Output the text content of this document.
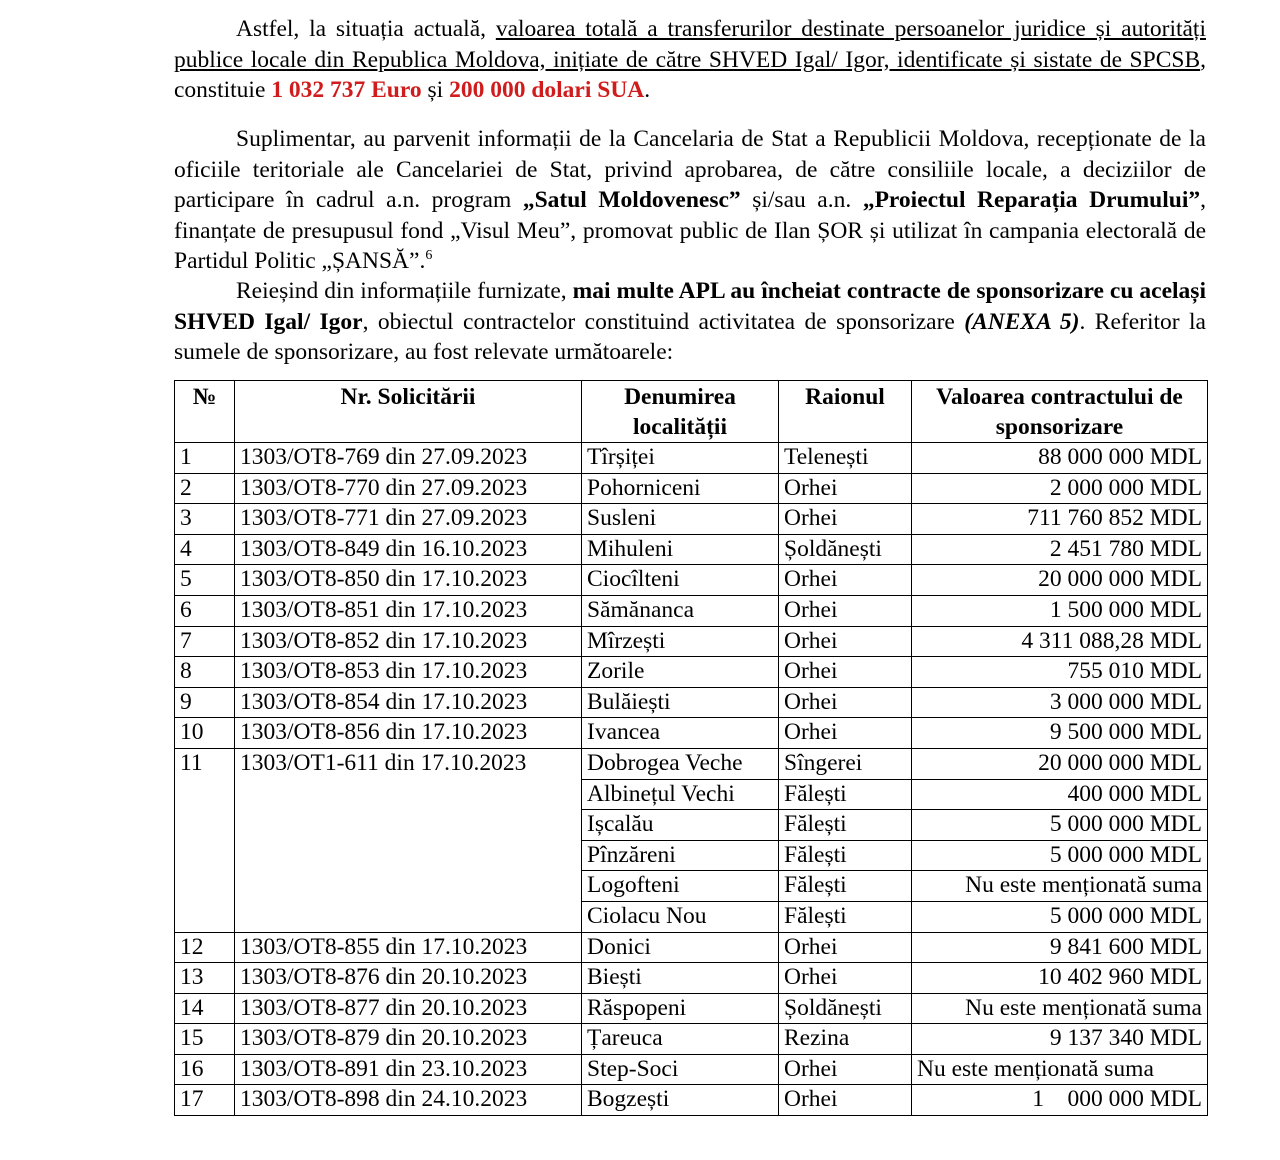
Astfel, la situația actuală, valoarea totală a transferurilor destinate persoanelor juridice și autorități publice locale din Republica Moldova, inițiate de către SHVED Igal/ Igor, identificate și sistate de SPCSB, constituie 1 032 737 Euro și 200 000 dolari SUA.
Suplimentar, au parvenit informații de la Cancelaria de Stat a Republicii Moldova, recepționate de la oficiile teritoriale ale Cancelariei de Stat, privind aprobarea, de către consiliile locale, a deciziilor de participare în cadrul a.n. program „Satul Moldovenesc” și/sau a.n. „Proiectul Reparația Drumului”, finanțate de presupusul fond „Visul Meu”, promovat public de Ilan ȘOR și utilizat în campania electorală de Partidul Politic „ȘANSĂ”.$^6$
Reieșind din informațiile furnizate, mai multe APL au încheiat contracte de sponsorizare cu același SHVED Igal/ Igor, obiectul contractelor constituind activitatea de sponsorizare (ANEXA 5). Referitor la sumele de sponsorizare, au fost relevate următoarele:
№	Nr. Solicitării	Denumirea localității	Raionul	Valoarea contractului de sponsorizare
1	1303/OT8-769 din 27.09.2023	Tîrșiței	Telenești	88 000 000 MDL
2	1303/OT8-770 din 27.09.2023	Pohorniceni	Orhei	2 000 000 MDL
3	1303/OT8-771 din 27.09.2023	Susleni	Orhei	711 760 852 MDL
4	1303/OT8-849 din 16.10.2023	Mihuleni	Șoldănești	2 451 780 MDL
5	1303/OT8-850 din 17.10.2023	Ciocîlteni	Orhei	20 000 000 MDL
6	1303/OT8-851 din 17.10.2023	Sămănanca	Orhei	1 500 000 MDL
7	1303/OT8-852 din 17.10.2023	Mîrzești	Orhei	4 311 088,28 MDL
8	1303/OT8-853 din 17.10.2023	Zorile	Orhei	755 010 MDL
9	1303/OT8-854 din 17.10.2023	Bulăiești	Orhei	3 000 000 MDL
10	1303/OT8-856 din 17.10.2023	Ivancea	Orhei	9 500 000 MDL
11	1303/OT1-611 din 17.10.2023	Dobrogea Veche	Sîngerei	20 000 000 MDL
		Albinețul Vechi	Fălești	400 000 MDL
		Ișcalău	Fălești	5 000 000 MDL
		Pînzăreni	Fălești	5 000 000 MDL
		Logofteni	Fălești	Nu este menționată suma
		Ciolacu Nou	Fălești	5 000 000 MDL
12	1303/OT8-855 din 17.10.2023	Donici	Orhei	9 841 600 MDL
13	1303/OT8-876 din 20.10.2023	Biești	Orhei	10 402 960 MDL
14	1303/OT8-877 din 20.10.2023	Răspopeni	Șoldănești	Nu este menționată suma
15	1303/OT8-879 din 20.10.2023	Țareuca	Rezina	9 137 340 MDL
16	1303/OT8-891 din 23.10.2023	Step-Soci	Orhei	Nu este menționată suma
17	1303/OT8-898 din 24.10.2023	Bogzești	Orhei	1    000 000 MDL
